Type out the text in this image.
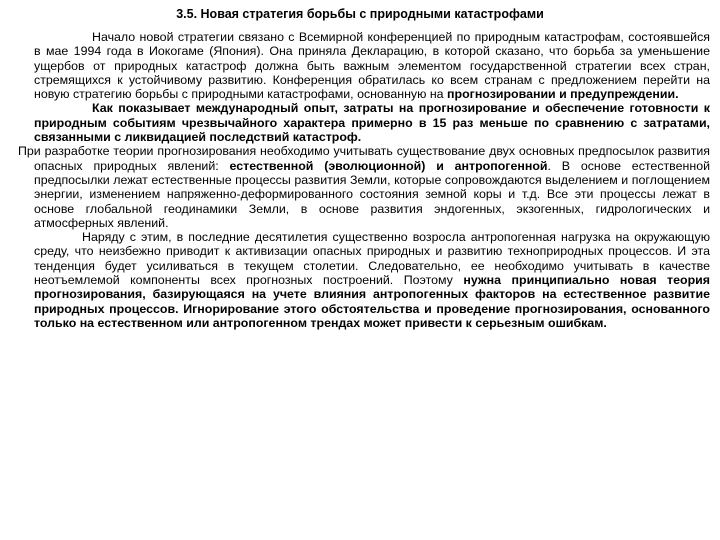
3.5. Новая стратегия борьбы с природными катастрофами

Начало новой стратегии связано с Всемирной конференцией по природным катастрофам, состоявшейся в мае 1994 года в Иокогаме (Япония). Она приняла Декларацию, в которой сказано, что борьба за уменьшение ущербов от природных катастроф должна быть важным элементом государственной стратегии всех стран, стремящихся к устойчивому развитию. Конференция обратилась ко всем странам с предложением перейти на новую стратегию борьбы с природными катастрофами, основанную на прогнозировании и предупреждении.

Как показывает международный опыт, затраты на прогнозирование и обеспечение готовности к природным событиям чрезвычайного характера примерно в 15 раз меньше по сравнению с затратами, связанными с ликвидацией последствий катастроф.

При разработке теории прогнозирования необходимо учитывать существование двух основных предпосылок развития опасных природных явлений: естественной (эволюционной) и антропогенной. В основе естественной предпосылки лежат естественные процессы развития Земли, которые сопровождаются выделением и поглощением энергии, изменением напряженно-деформированного состояния земной коры и т.д. Все эти процессы лежат в основе глобальной геодинамики Земли, в основе развития эндогенных, экзогенных, гидрологических и атмосферных явлений.

Наряду с этим, в последние десятилетия существенно возросла антропогенная нагрузка на окружающую среду, что неизбежно приводит к активизации опасных природных и развитию техноприродных процессов. И эта тенденция будет усиливаться в текущем столетии. Следовательно, ее необходимо учитывать в качестве неотъемлемой компоненты всех прогнозных построений. Поэтому нужна принципиально новая теория прогнозирования, базирующаяся на учете влияния антропогенных факторов на естественное развитие природных процессов. Игнорирование этого обстоятельства и проведение прогнозирования, основанного только на естественном или антропогенном трендах может привести к серьезным ошибкам.
